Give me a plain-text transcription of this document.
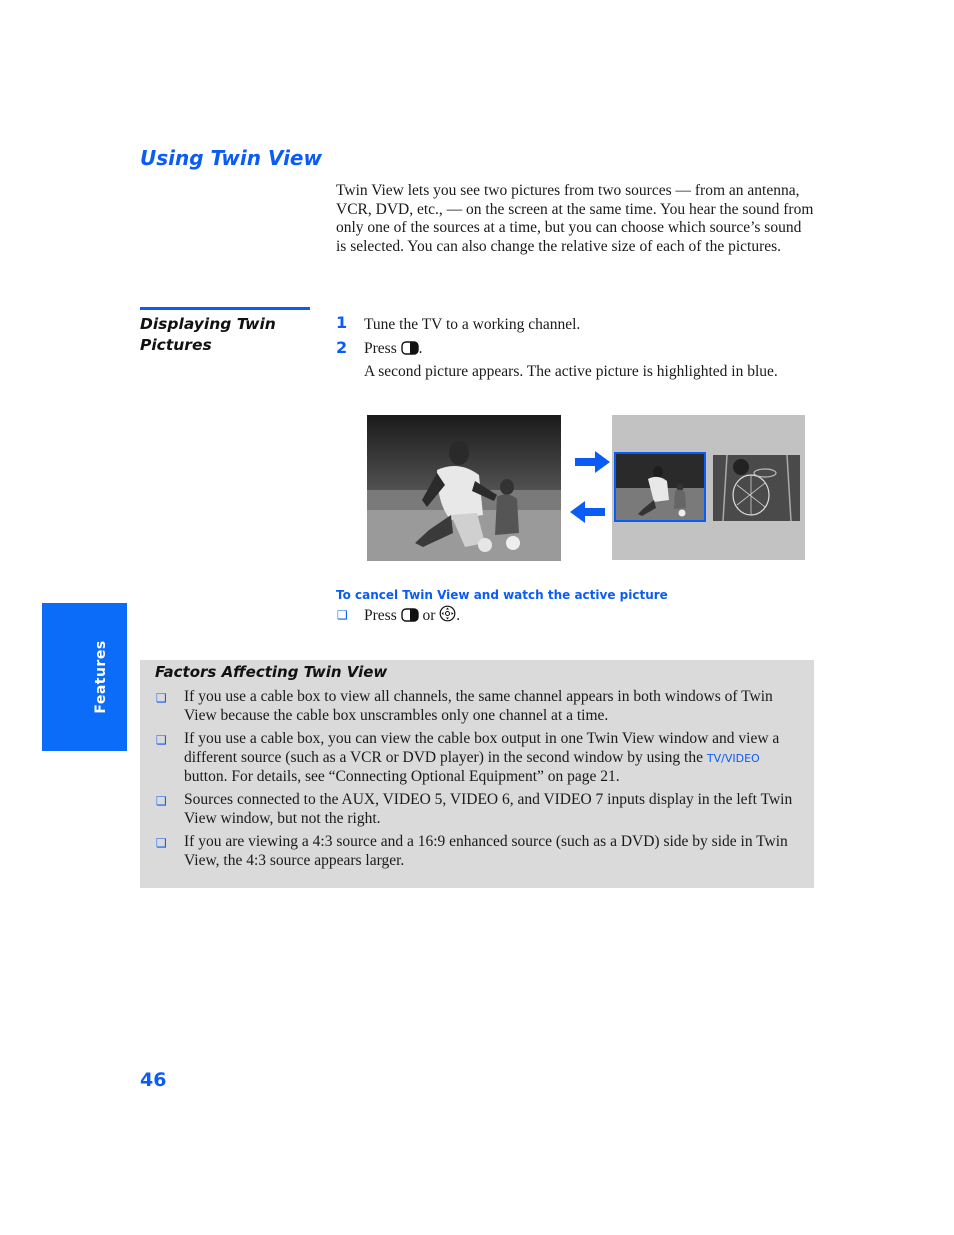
Using Twin View

Twin View lets you see two pictures from two sources — from an antenna, VCR, DVD, etc., — on the screen at the same time. You hear the sound from only one of the sources at a time, but you can choose which source’s sound is selected. You can also change the relative size of each of the pictures.

Displaying Twin
Pictures
1 Tune the TV to a working channel.

2 Press .

A second picture appears. The active picture is highlighted in blue.

To cancel Twin View and watch the active picture

❑ Press or .

Features	Factors Affecting Twin View
❑ If you use a cable box to view all channels, the same channel appears in both windows of Twin View because the cable box unscrambles only one channel at a time.

❑ If you use a cable box, you can view the cable box output in one Twin View window and view a different source (such as a VCR or DVD player) in the second window by using the TV/VIDEO button. For details, see “Connecting Optional Equipment” on page 21.

❑ Sources connected to the AUX, VIDEO 5, VIDEO 6, and VIDEO 7 inputs display in the left Twin View window, but not the right.

❑ If you are viewing a 4:3 source and a 16:9 enhanced source (such as a DVD) side by side in Twin View, the 4:3 source appears larger.

46
